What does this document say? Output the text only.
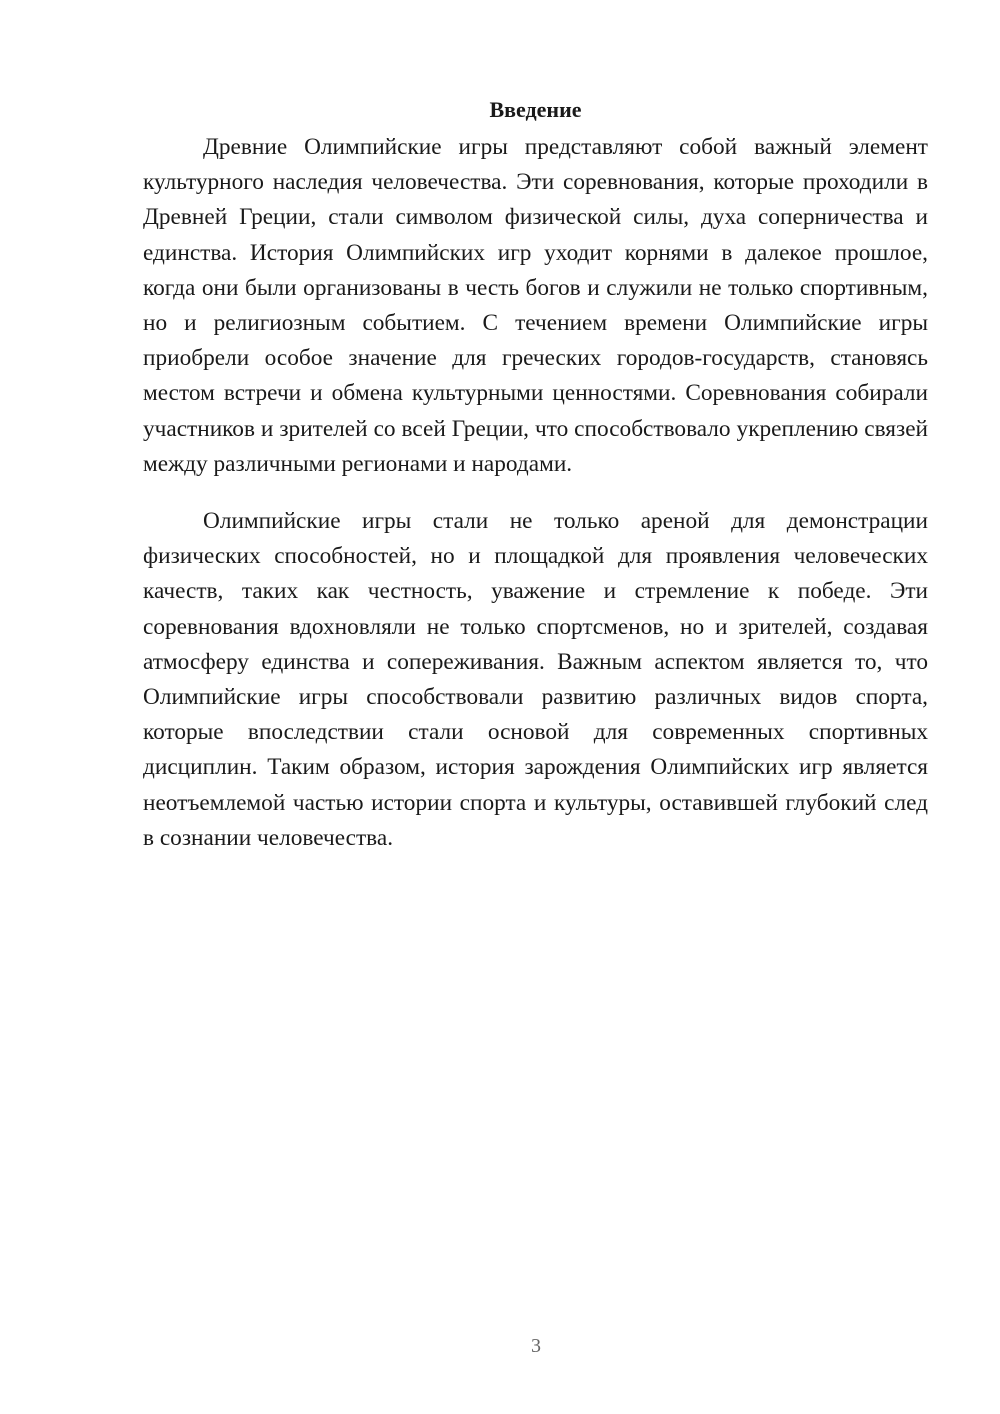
Введение

Древние Олимпийские игры представляют собой важный элемент культурного наследия человечества. Эти соревнования, которые проходили в Древней Греции, стали символом физической силы, духа соперничества и единства. История Олимпийских игр уходит корнями в далекое прошлое, когда они были организованы в честь богов и служили не только спортивным, но и религиозным событием. С течением времени Олимпийские игры приобрели особое значение для греческих городов-государств, становясь местом встречи и обмена культурными ценностями. Соревнования собирали участников и зрителей со всей Греции, что способствовало укреплению связей между различными регионами и народами.

Олимпийские игры стали не только ареной для демонстрации физических способностей, но и площадкой для проявления человеческих качеств, таких как честность, уважение и стремление к победе. Эти соревнования вдохновляли не только спортсменов, но и зрителей, создавая атмосферу единства и сопереживания. Важным аспектом является то, что Олимпийские игры способствовали развитию различных видов спорта, которые впоследствии стали основой для современных спортивных дисциплин. Таким образом, история зарождения Олимпийских игр является неотъемлемой частью истории спорта и культуры, оставившей глубокий след в сознании человечества.

3
